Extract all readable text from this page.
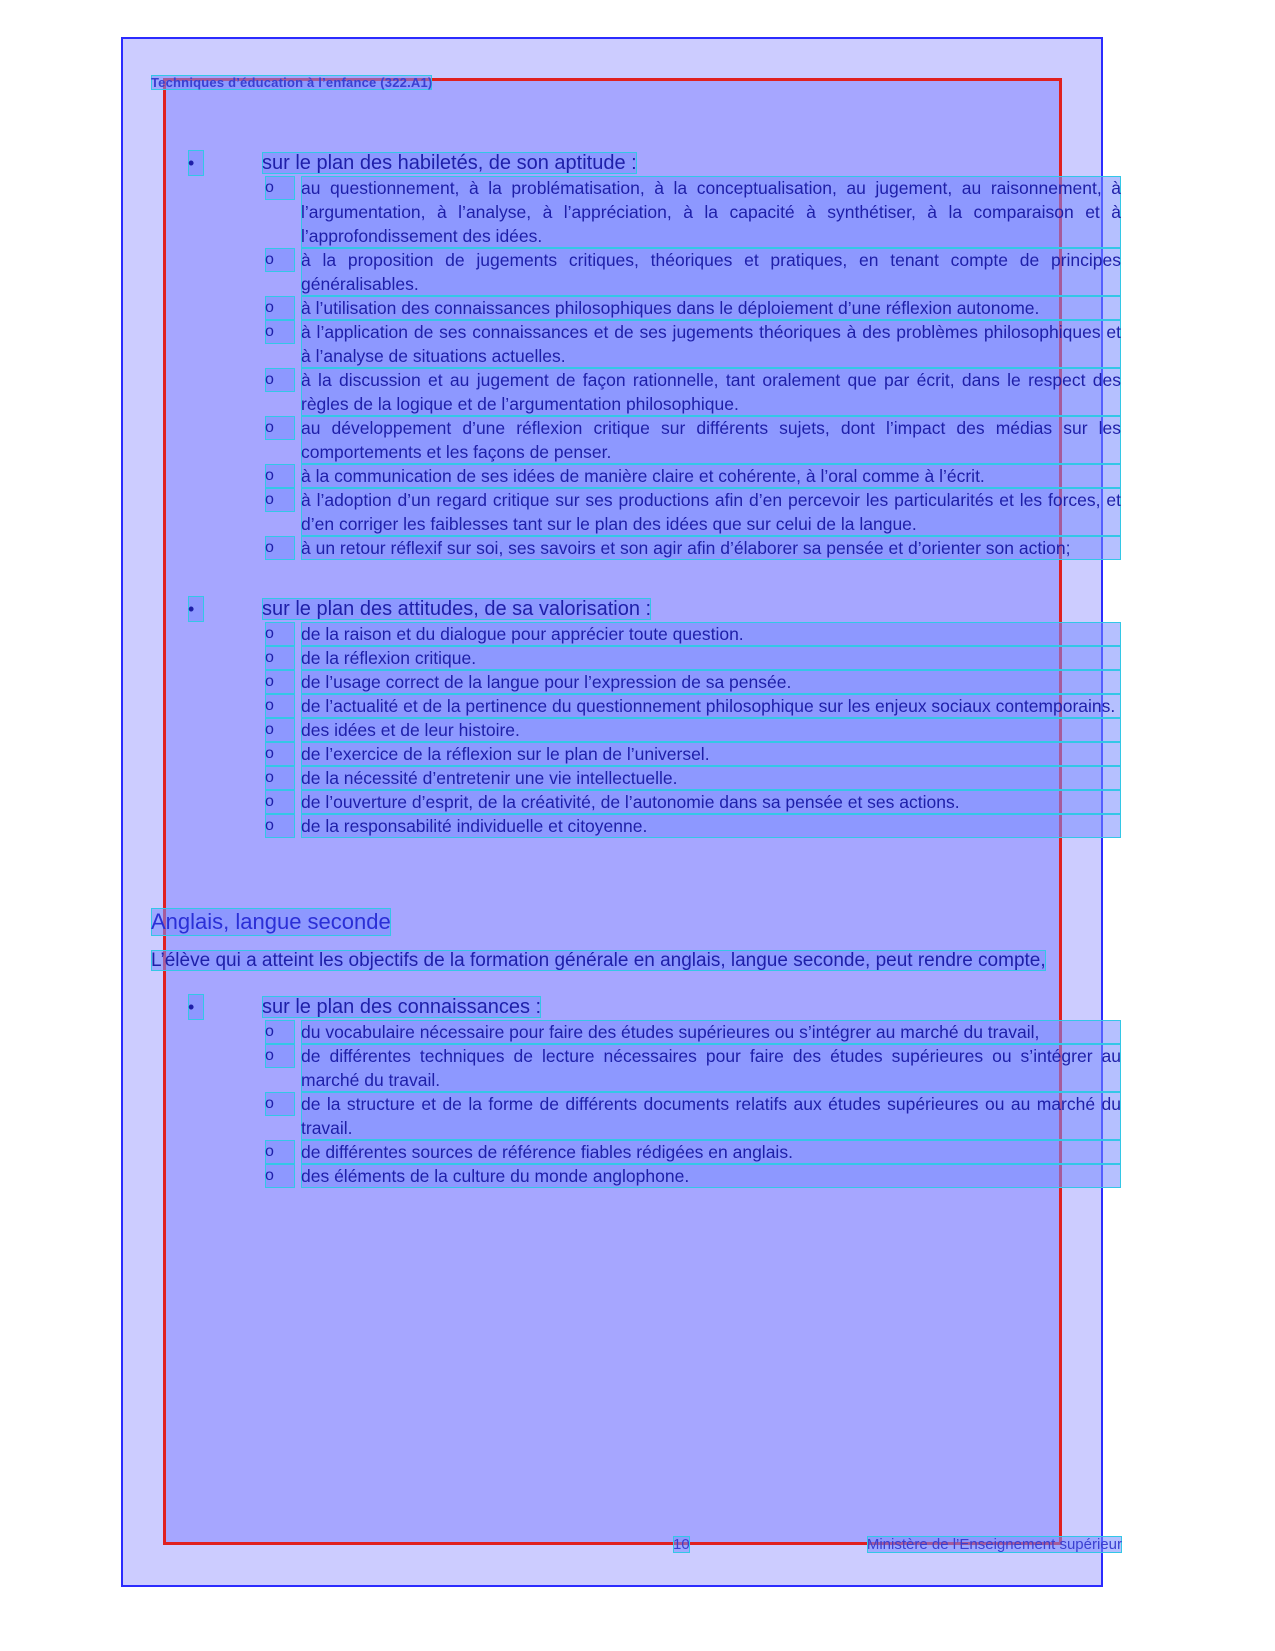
Techniques d’éducation à l’enfance (322.A1)
•	sur le plan des habiletés, de son aptitude :
o	au questionnement, à la problématisation, à la conceptualisation, au jugement, au raisonnement, à l’argumentation, à l’analyse, à l’appréciation, à la capacité à synthétiser, à la comparaison et à l’approfondissement des idées.
o	à la proposition de jugements critiques, théoriques et pratiques, en tenant compte de principes généralisables.
o	à l’utilisation des connaissances philosophiques dans le déploiement d’une réflexion autonome.
o	à l’application de ses connaissances et de ses jugements théoriques à des problèmes philosophiques et à l’analyse de situations actuelles.
o	à la discussion et au jugement de façon rationnelle, tant oralement que par écrit, dans le respect des règles de la logique et de l’argumentation philosophique.
o	au développement d’une réflexion critique sur différents sujets, dont l’impact des médias sur les comportements et les façons de penser.
o	à la communication de ses idées de manière claire et cohérente, à l’oral comme à l’écrit.
o	à l’adoption d’un regard critique sur ses productions afin d’en percevoir les particularités et les forces, et d’en corriger les faiblesses tant sur le plan des idées que sur celui de la langue.
o	à un retour réflexif sur soi, ses savoirs et son agir afin d’élaborer sa pensée et d’orienter son action;
•	sur le plan des attitudes, de sa valorisation :
o	de la raison et du dialogue pour apprécier toute question.
o	de la réflexion critique.
o	de l’usage correct de la langue pour l’expression de sa pensée.
o	de l’actualité et de la pertinence du questionnement philosophique sur les enjeux sociaux contemporains.
o	des idées et de leur histoire.
o	de l’exercice de la réflexion sur le plan de l’universel.
o	de la nécessité d’entretenir une vie intellectuelle.
o	de l’ouverture d’esprit, de la créativité, de l’autonomie dans sa pensée et ses actions.
o	de la responsabilité individuelle et citoyenne.
Anglais, langue seconde

L’élève qui a atteint les objectifs de la formation générale en anglais, langue seconde, peut rendre compte,

•	sur le plan des connaissances :
o	du vocabulaire nécessaire pour faire des études supérieures ou s’intégrer au marché du travail,
o	de différentes techniques de lecture nécessaires pour faire des études supérieures ou s’intégrer au marché du travail.
o	de la structure et de la forme de différents documents relatifs aux études supérieures ou au marché du travail.
o	de différentes sources de référence fiables rédigées en anglais.
o	des éléments de la culture du monde anglophone.
10	Ministère de l’Enseignement supérieur
